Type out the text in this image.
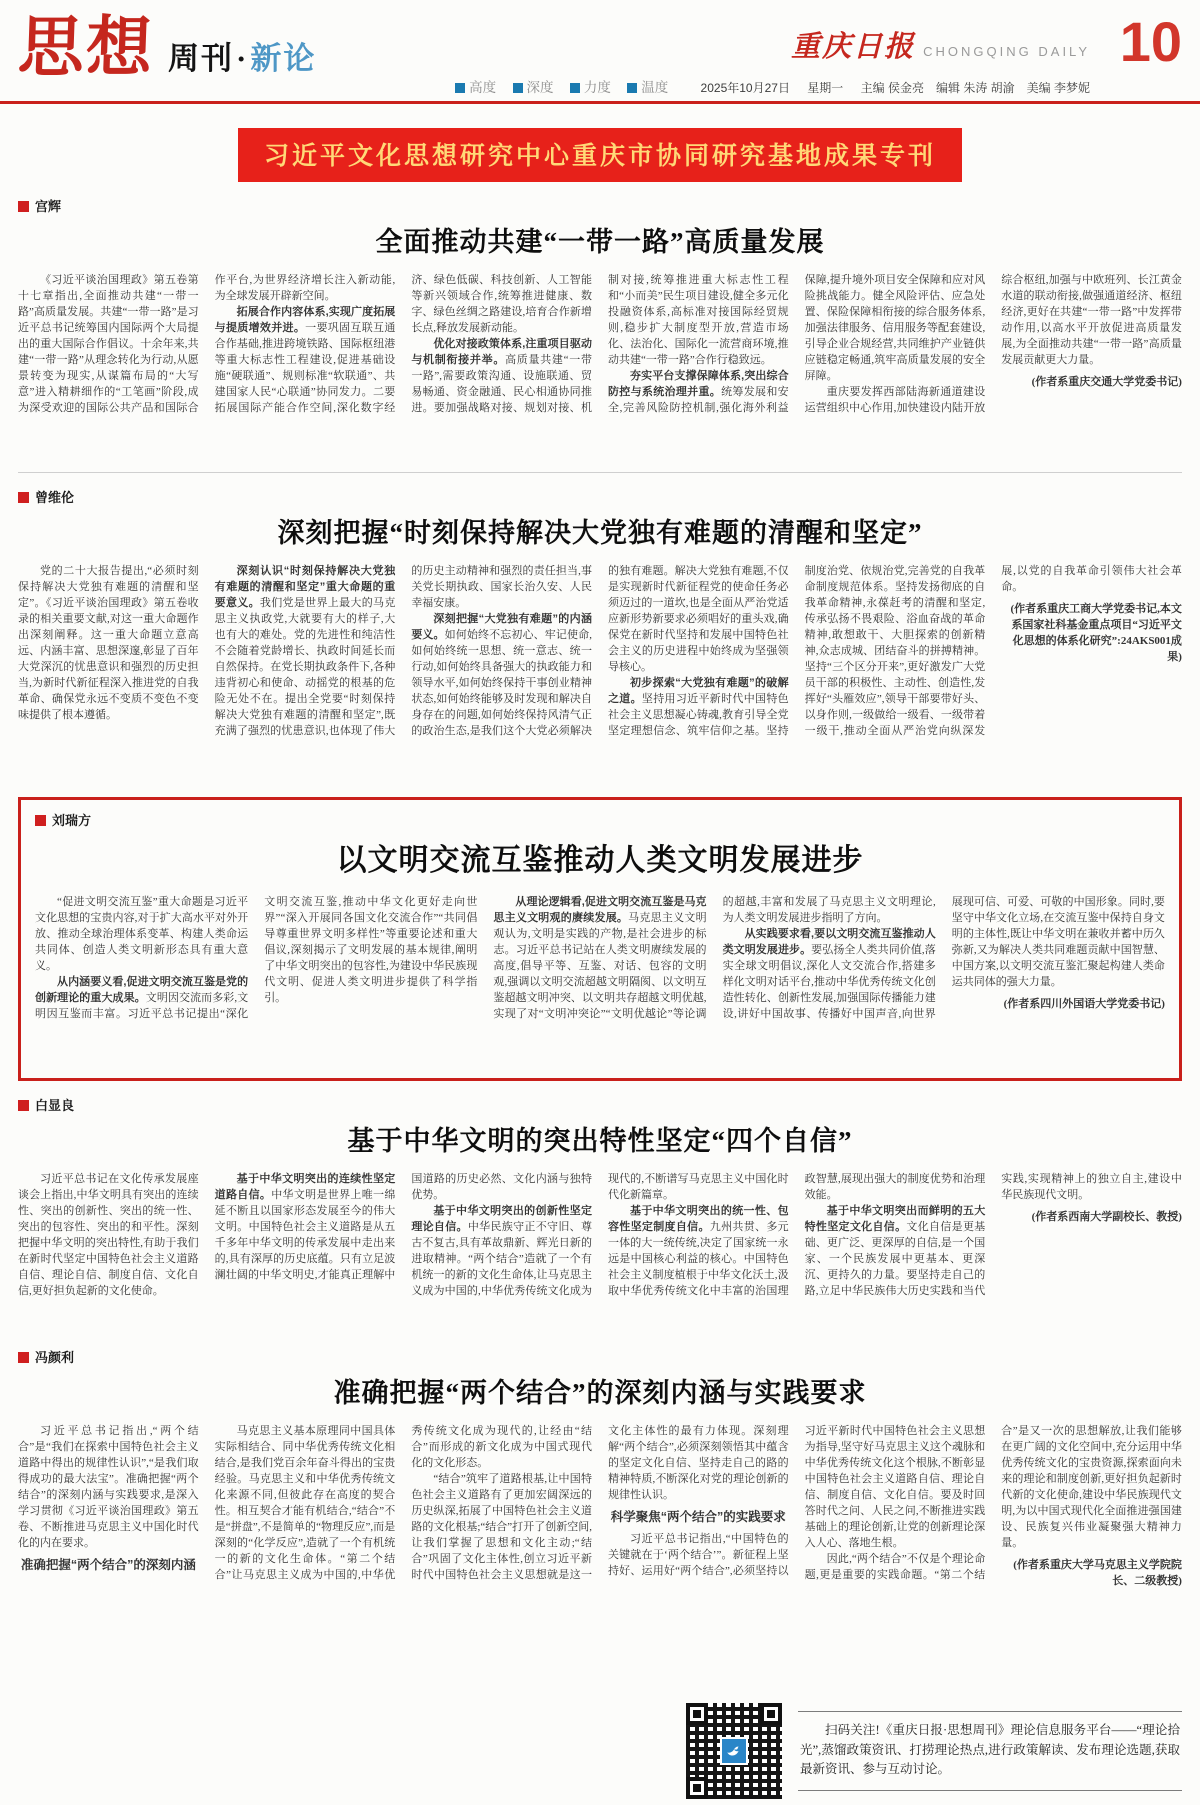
思想 周刊·新论	重庆日报 CHONGQING DAILY
高度 深度 力度 温度	2025年10月27日 星期一 主编 侯金亮　编辑 朱涛 胡渝　美编 李梦妮
10
习近平文化思想研究中心重庆市协同研究基地成果专刊
宫辉
全面推动共建“一带一路”高质量发展

《习近平谈治国理政》第五卷第十七章指出,全面推动共建“一带一路”高质量发展。共建“一带一路”是习近平总书记统筹国内国际两个大局提出的重大国际合作倡议。十余年来,共建“一带一路”从理念转化为行动,从愿景转变为现实,从谋篇布局的“大写意”进入精耕细作的“工笔画”阶段,成为深受欢迎的国际公共产品和国际合作平台,为世界经济增长注入新动能,为全球发展开辟新空间。

拓展合作内容体系,实现广度拓展与提质增效并进。一要巩固互联互通合作基础,推进跨境铁路、国际枢纽港等重大标志性工程建设,促进基础设施“硬联通”、规则标准“软联通”、共建国家人民“心联通”协同发力。二要拓展国际产能合作空间,深化数字经济、绿色低碳、科技创新、人工智能等新兴领域合作,统筹推进健康、数字、绿色丝绸之路建设,培育合作新增长点,释放发展新动能。

优化对接政策体系,注重项目驱动与机制衔接并举。高质量共建“一带一路”,需要政策沟通、设施联通、贸易畅通、资金融通、民心相通协同推进。要加强战略对接、规划对接、机制对接,统筹推进重大标志性工程和“小而美”民生项目建设,健全多元化投融资体系,高标准对接国际经贸规则,稳步扩大制度型开放,营造市场化、法治化、国际化一流营商环境,推动共建“一带一路”合作行稳致远。

夯实平台支撑保障体系,突出综合防控与系统治理并重。统筹发展和安全,完善风险防控机制,强化海外利益保障,提升境外项目安全保障和应对风险挑战能力。健全风险评估、应急处置、保险保障相衔接的综合服务体系,加强法律服务、信用服务等配套建设,引导企业合规经营,共同维护产业链供应链稳定畅通,筑牢高质量发展的安全屏障。

重庆要发挥西部陆海新通道建设运营组织中心作用,加快建设内陆开放综合枢纽,加强与中欧班列、长江黄金水道的联动衔接,做强通道经济、枢纽经济,更好在共建“一带一路”中发挥带动作用,以高水平开放促进高质量发展,为全面推动共建“一带一路”高质量发展贡献更大力量。

(作者系重庆交通大学党委书记)

曾维伦
深刻把握“时刻保持解决大党独有难题的清醒和坚定”

党的二十大报告提出,“必须时刻保持解决大党独有难题的清醒和坚定”。《习近平谈治国理政》第五卷收录的相关重要文献,对这一重大命题作出深刻阐释。这一重大命题立意高远、内涵丰富、思想深邃,彰显了百年大党深沉的忧患意识和强烈的历史担当,为新时代新征程深入推进党的自我革命、确保党永远不变质不变色不变味提供了根本遵循。

深刻认识“时刻保持解决大党独有难题的清醒和坚定”重大命题的重要意义。我们党是世界上最大的马克思主义执政党,大就要有大的样子,大也有大的难处。党的先进性和纯洁性不会随着党龄增长、执政时间延长而自然保持。在党长期执政条件下,各种违背初心和使命、动摇党的根基的危险无处不在。提出全党要“时刻保持解决大党独有难题的清醒和坚定”,既充满了强烈的忧患意识,也体现了伟大的历史主动精神和强烈的责任担当,事关党长期执政、国家长治久安、人民幸福安康。

深刻把握“大党独有难题”的内涵要义。如何始终不忘初心、牢记使命,如何始终统一思想、统一意志、统一行动,如何始终具备强大的执政能力和领导水平,如何始终保持干事创业精神状态,如何始终能够及时发现和解决自身存在的问题,如何始终保持风清气正的政治生态,是我们这个大党必须解决的独有难题。解决大党独有难题,不仅是实现新时代新征程党的使命任务必须迈过的一道坎,也是全面从严治党适应新形势新要求必须唱好的重头戏,确保党在新时代坚持和发展中国特色社会主义的历史进程中始终成为坚强领导核心。

初步探索“大党独有难题”的破解之道。坚持用习近平新时代中国特色社会主义思想凝心铸魂,教育引导全党坚定理想信念、筑牢信仰之基。坚持制度治党、依规治党,完善党的自我革命制度规范体系。坚持发扬彻底的自我革命精神,永葆赶考的清醒和坚定,传承弘扬不畏艰险、浴血奋战的革命精神,敢想敢干、大胆探索的创新精神,众志成城、团结奋斗的拼搏精神。坚持“三个区分开来”,更好激发广大党员干部的积极性、主动性、创造性,发挥好“头雁效应”,领导干部要带好头、以身作则,一级做给一级看、一级带着一级干,推动全面从严治党向纵深发展,以党的自我革命引领伟大社会革命。

(作者系重庆工商大学党委书记,本文系国家社科基金重点项目“习近平文化思想的体系化研究”:24AKS001成果)

刘瑞方
以文明交流互鉴推动人类文明发展进步

“促进文明交流互鉴”重大命题是习近平文化思想的宝贵内容,对于扩大高水平对外开放、推动全球治理体系变革、构建人类命运共同体、创造人类文明新形态具有重大意义。

从内涵要义看,促进文明交流互鉴是党的创新理论的重大成果。文明因交流而多彩,文明因互鉴而丰富。习近平总书记提出“深化文明交流互鉴,推动中华文化更好走向世界”“深入开展同各国文化交流合作”“共同倡导尊重世界文明多样性”等重要论述和重大倡议,深刻揭示了文明发展的基本规律,阐明了中华文明突出的包容性,为建设中华民族现代文明、促进人类文明进步提供了科学指引。

从理论逻辑看,促进文明交流互鉴是马克思主义文明观的赓续发展。马克思主义文明观认为,文明是实践的产物,是社会进步的标志。习近平总书记站在人类文明赓续发展的高度,倡导平等、互鉴、对话、包容的文明观,强调以文明交流超越文明隔阂、以文明互鉴超越文明冲突、以文明共存超越文明优越,实现了对“文明冲突论”“文明优越论”等论调的超越,丰富和发展了马克思主义文明理论,为人类文明发展进步指明了方向。

从实践要求看,要以文明交流互鉴推动人类文明发展进步。要弘扬全人类共同价值,落实全球文明倡议,深化人文交流合作,搭建多样化文明对话平台,推动中华优秀传统文化创造性转化、创新性发展,加强国际传播能力建设,讲好中国故事、传播好中国声音,向世界展现可信、可爱、可敬的中国形象。同时,要坚守中华文化立场,在交流互鉴中保持自身文明的主体性,既让中华文明在兼收并蓄中历久弥新,又为解决人类共同难题贡献中国智慧、中国方案,以文明交流互鉴汇聚起构建人类命运共同体的强大力量。

(作者系四川外国语大学党委书记)

白显良
基于中华文明的突出特性坚定“四个自信”

习近平总书记在文化传承发展座谈会上指出,中华文明具有突出的连续性、突出的创新性、突出的统一性、突出的包容性、突出的和平性。深刻把握中华文明的突出特性,有助于我们在新时代坚定中国特色社会主义道路自信、理论自信、制度自信、文化自信,更好担负起新的文化使命。

基于中华文明突出的连续性坚定道路自信。中华文明是世界上唯一绵延不断且以国家形态发展至今的伟大文明。中国特色社会主义道路是从五千多年中华文明的传承发展中走出来的,具有深厚的历史底蕴。只有立足波澜壮阔的中华文明史,才能真正理解中国道路的历史必然、文化内涵与独特优势。

基于中华文明突出的创新性坚定理论自信。中华民族守正不守旧、尊古不复古,具有革故鼎新、辉光日新的进取精神。“两个结合”造就了一个有机统一的新的文化生命体,让马克思主义成为中国的,中华优秀传统文化成为现代的,不断谱写马克思主义中国化时代化新篇章。

基于中华文明突出的统一性、包容性坚定制度自信。九州共贯、多元一体的大一统传统,决定了国家统一永远是中国核心利益的核心。中国特色社会主义制度植根于中华文化沃土,汲取中华优秀传统文化中丰富的治国理政智慧,展现出强大的制度优势和治理效能。

基于中华文明突出而鲜明的五大特性坚定文化自信。文化自信是更基础、更广泛、更深厚的自信,是一个国家、一个民族发展中更基本、更深沉、更持久的力量。要坚持走自己的路,立足中华民族伟大历史实践和当代实践,实现精神上的独立自主,建设中华民族现代文明。

(作者系西南大学副校长、教授)

冯颜利
准确把握“两个结合”的深刻内涵与实践要求

习近平总书记指出,“两个结合”是“我们在探索中国特色社会主义道路中得出的规律性认识”,“是我们取得成功的最大法宝”。准确把握“两个结合”的深刻内涵与实践要求,是深入学习贯彻《习近平谈治国理政》第五卷、不断推进马克思主义中国化时代化的内在要求。

准确把握“两个结合”的深刻内涵

马克思主义基本原理同中国具体实际相结合、同中华优秀传统文化相结合,是我们党百余年奋斗得出的宝贵经验。马克思主义和中华优秀传统文化来源不同,但彼此存在高度的契合性。相互契合才能有机结合,“结合”不是“拼盘”,不是简单的“物理反应”,而是深刻的“化学反应”,造就了一个有机统一的新的文化生命体。“第二个结合”让马克思主义成为中国的,中华优秀传统文化成为现代的,让经由“结合”而形成的新文化成为中国式现代化的文化形态。

“结合”筑牢了道路根基,让中国特色社会主义道路有了更加宏阔深远的历史纵深,拓展了中国特色社会主义道路的文化根基;“结合”打开了创新空间,让我们掌握了思想和文化主动;“结合”巩固了文化主体性,创立习近平新时代中国特色社会主义思想就是这一文化主体性的最有力体现。深刻理解“两个结合”,必须深刻领悟其中蕴含的坚定文化自信、坚持走自己的路的精神特质,不断深化对党的理论创新的规律性认识。

科学聚焦“两个结合”的实践要求

习近平总书记指出,“中国特色的关键就在于‘两个结合’”。新征程上坚持好、运用好“两个结合”,必须坚持以习近平新时代中国特色社会主义思想为指导,坚守好马克思主义这个魂脉和中华优秀传统文化这个根脉,不断彰显中国特色社会主义道路自信、理论自信、制度自信、文化自信。要及时回答时代之问、人民之问,不断推进实践基础上的理论创新,让党的创新理论深入人心、落地生根。

因此,“两个结合”不仅是个理论命题,更是重要的实践命题。“第二个结合”是又一次的思想解放,让我们能够在更广阔的文化空间中,充分运用中华优秀传统文化的宝贵资源,探索面向未来的理论和制度创新,更好担负起新时代新的文化使命,建设中华民族现代文明,为以中国式现代化全面推进强国建设、民族复兴伟业凝聚强大精神力量。

(作者系重庆大学马克思主义学院院长、二级教授)

扫码关注!《重庆日报·思想周刊》理论信息服务平台——“理论拾光”,蒸馏政策资讯、打捞理论热点,进行政策解读、发布理论选题,获取最新资讯、参与互动讨论。
